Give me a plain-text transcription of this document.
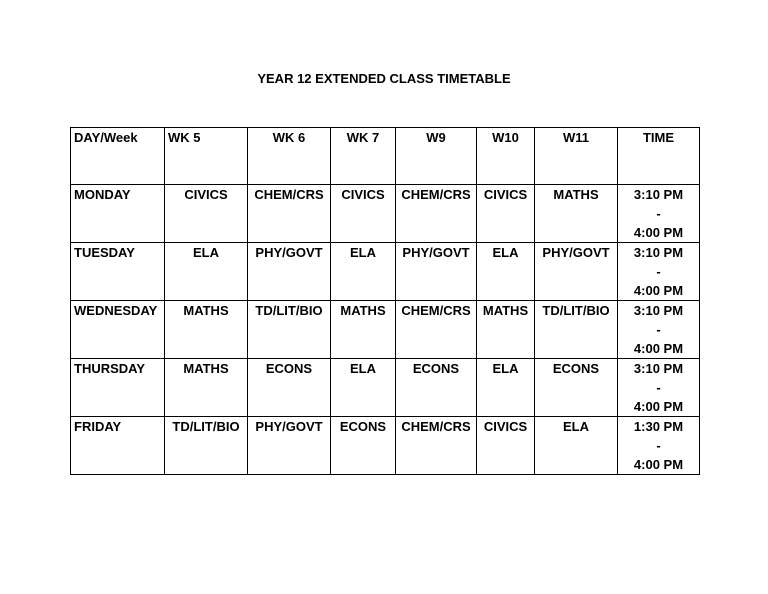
YEAR 12 EXTENDED CLASS TIMETABLE
DAY/Week	WK 5	WK 6	WK 7	W9	W10	W11	TIME
MONDAY	CIVICS	CHEM/CRS	CIVICS	CHEM/CRS	CIVICS	MATHS	3:10 PM
-
4:00 PM

TUESDAY	ELA	PHY/GOVT	ELA	PHY/GOVT	ELA	PHY/GOVT	3:10 PM
-
4:00 PM

WEDNESDAY	MATHS	TD/LIT/BIO	MATHS	CHEM/CRS	MATHS	TD/LIT/BIO	3:10 PM
-
4:00 PM

THURSDAY	MATHS	ECONS	ELA	ECONS	ELA	ECONS	3:10 PM
-
4:00 PM

FRIDAY	TD/LIT/BIO	PHY/GOVT	ECONS	CHEM/CRS	CIVICS	ELA	1:30 PM
-
4:00 PM
